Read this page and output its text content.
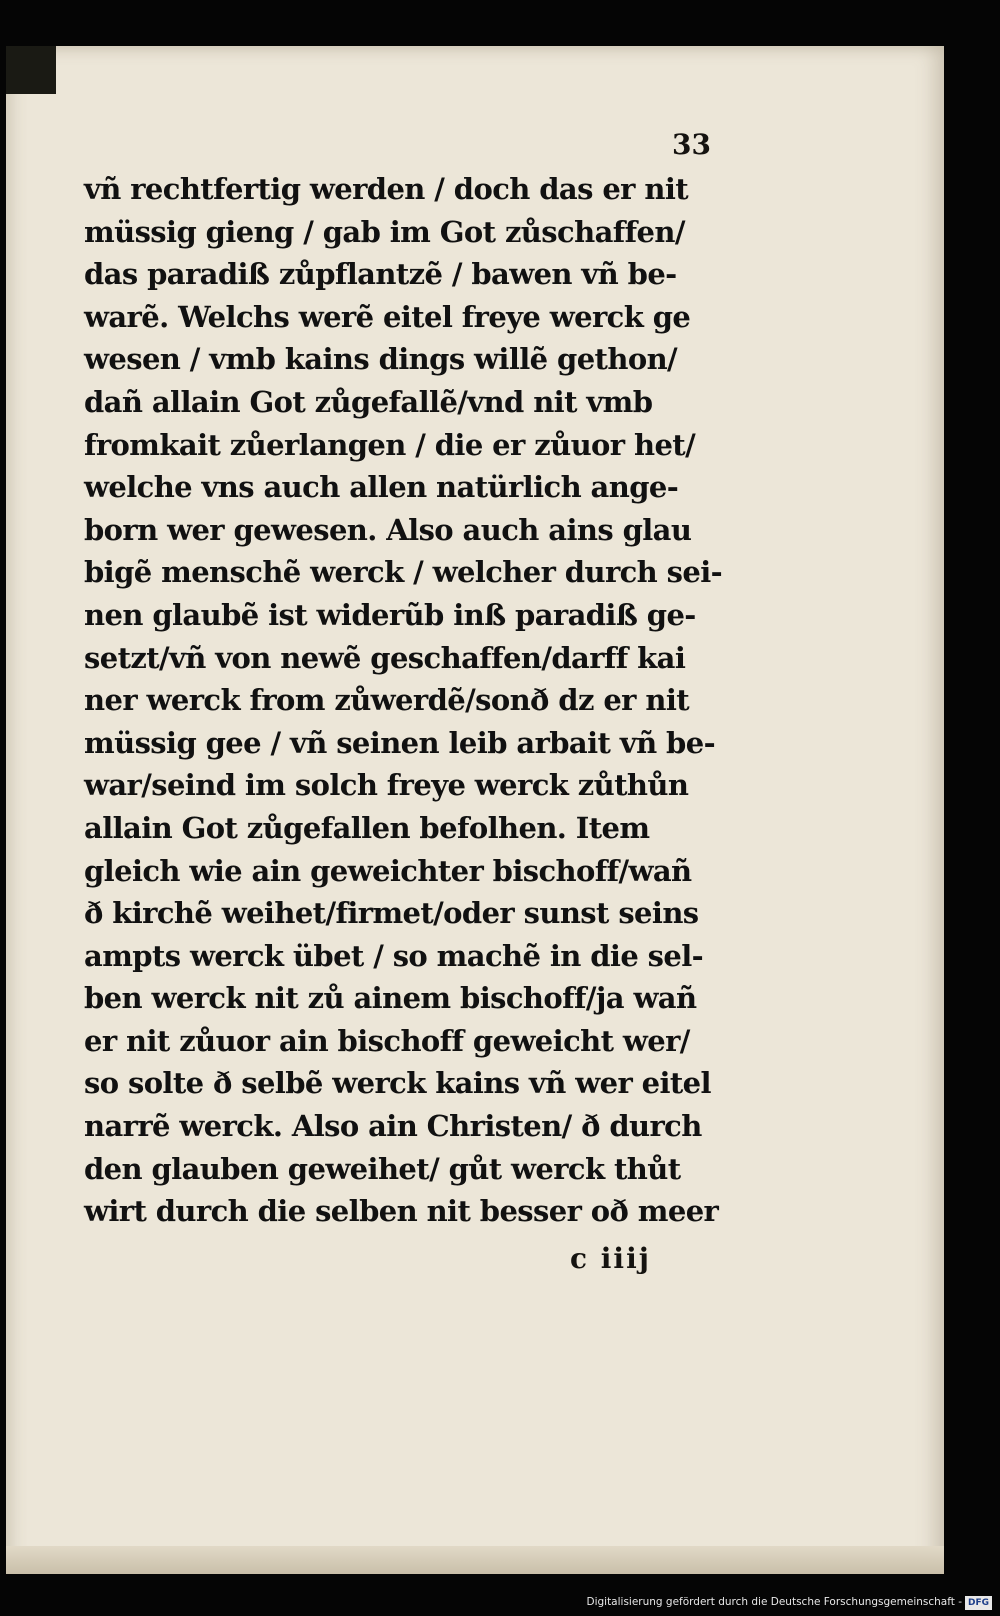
33
vñ rechtfertig werden / doch das er nit
müssig gieng / gab im Got zůschaffen/
das paradiß zůpflantzẽ / bawen vñ be-
warẽ. Welchs werẽ eitel freye werck ge
wesen / vmb kains dings willẽ gethon/
dañ allain Got zůgefallẽ/vnd nit vmb
fromkait zůerlangen / die er zůuor het/
welche vns auch allen natürlich ange-
born wer gewesen. Also auch ains glau
bigẽ menschẽ werck / welcher durch sei-
nen glaubẽ ist widerũb inß paradiß ge-
setzt/vñ von newẽ geschaffen/darff kai
ner werck from zůwerdẽ/sonð dz er nit
müssig gee / vñ seinen leib arbait vñ be-
war/seind im solch freye werck zůthůn
allain Got zůgefallen befolhen. Item
gleich wie ain geweichter bischoff/wañ
ð kirchẽ weihet/firmet/oder sunst seins
ampts werck übet / so machẽ in die sel-
ben werck nit zů ainem bischoff/ja wañ
er nit zůuor ain bischoff geweicht wer/
so solte ð selbẽ werck kains vñ wer eitel
narrẽ werck. Also ain Christen/ ð durch
den glauben geweihet/ gůt werck thůt
wirt durch die selben nit besser oð meer
c iiij
Digitalisierung gefördert durch die Deutsche Forschungsgemeinschaft - DFG
